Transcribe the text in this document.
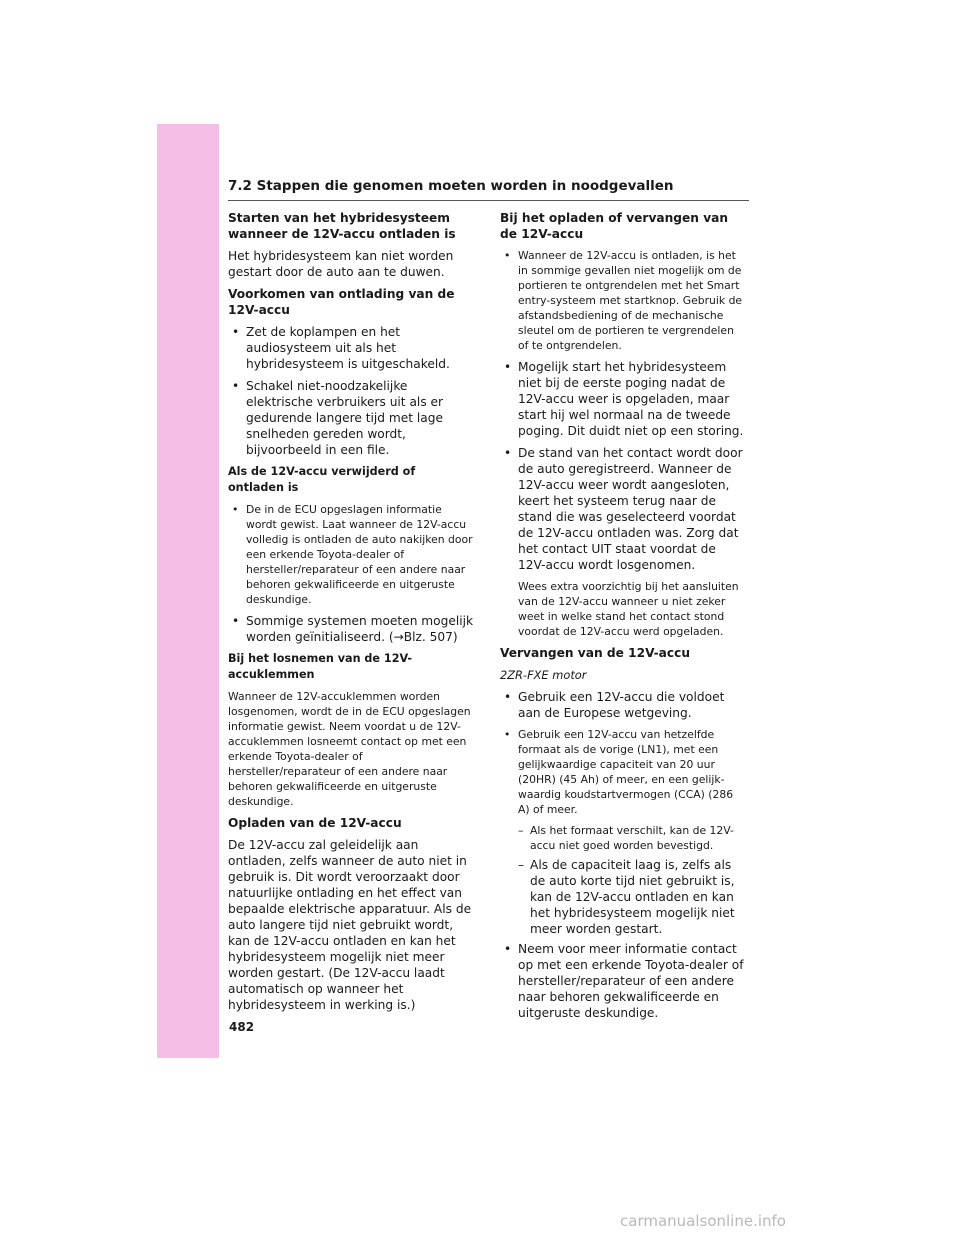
7.2 Stappen die genomen moeten worden in noodgevallen

Starten van het hybridesysteem wanneer de 12V-accu ontladen is

Het hybridesysteem kan niet worden gestart door de auto aan te duwen.

Voorkomen van ontlading van de 12V-accu

• Zet de koplampen en het audiosysteem uit als het hybridesysteem is uitgeschakeld.
• Schakel niet-noodzakelijke elektrische verbruikers uit als er gedurende langere tijd met lage snelheden gereden wordt, bijvoorbeeld in een file.

Als de 12V-accu verwijderd of ontladen is

• De in de ECU opgeslagen informatie wordt gewist. Laat wanneer de 12V-accu volledig is ontladen de auto nakijken door een erkende Toyota-dealer of hersteller/reparateur of een andere naar behoren gekwalificeerde en uitgeruste deskundige.
• Sommige systemen moeten mogelijk worden geïnitialiseerd. (→Blz. 507)

Bij het losnemen van de 12V-accuklemmen

Wanneer de 12V-accuklemmen worden losgenomen, wordt de in de ECU opgeslagen informatie gewist. Neem voordat u de 12V-accuklemmen losneemt contact op met een erkende Toyota-dealer of hersteller/reparateur of een andere naar behoren gekwalificeerde en uitgeruste deskundige.

Opladen van de 12V-accu

De 12V-accu zal geleidelijk aan ontladen, zelfs wanneer de auto niet in gebruik is. Dit wordt veroorzaakt door natuurlijke ontlading en het effect van bepaalde elektrische apparatuur. Als de auto langere tijd niet gebruikt wordt, kan de 12V-accu ontladen en kan het hybridesysteem mogelijk niet meer worden gestart. (De 12V-accu laadt automatisch op wanneer het hybridesysteem in werking is.)

Bij het opladen of vervangen van de 12V-accu

• Wanneer de 12V-accu is ontladen, is het in sommige gevallen niet mogelijk om de portieren te ontgrendelen met het Smart entry-systeem met startknop. Gebruik de afstandsbediening of de mechanische sleutel om de portieren te vergrendelen of te ontgrendelen.
• Mogelijk start het hybridesysteem niet bij de eerste poging nadat de 12V-accu weer is opgeladen, maar start hij wel normaal na de tweede poging. Dit duidt niet op een storing.
• De stand van het contact wordt door de auto geregistreerd. Wanneer de 12V-accu weer wordt aangesloten, keert het systeem terug naar de stand die was geselecteerd voordat de 12V-accu ontladen was. Zorg dat het contact UIT staat voordat de 12V-accu wordt losgenomen.

Wees extra voorzichtig bij het aansluiten van de 12V-accu wanneer u niet zeker weet in welke stand het contact stond voordat de 12V-accu werd opgeladen.

Vervangen van de 12V-accu

2ZR-FXE motor

• Gebruik een 12V-accu die voldoet aan de Europese wetgeving.
• Gebruik een 12V-accu van hetzelfde formaat als de vorige (LN1), met een gelijkwaardige capaciteit van 20 uur (20HR) (45 Ah) of meer, en een gelijk-waardig koudstartvermogen (CCA) (286 A) of meer.
– Als het formaat verschilt, kan de 12V-accu niet goed worden bevestigd.
– Als de capaciteit laag is, zelfs als de auto korte tijd niet gebruikt is, kan de 12V-accu ontladen en kan het hybridesysteem mogelijk niet meer worden gestart.
• Neem voor meer informatie contact op met een erkende Toyota-dealer of hersteller/reparateur of een andere naar behoren gekwalificeerde en uitgeruste deskundige.
482
carmanualsonline.info
